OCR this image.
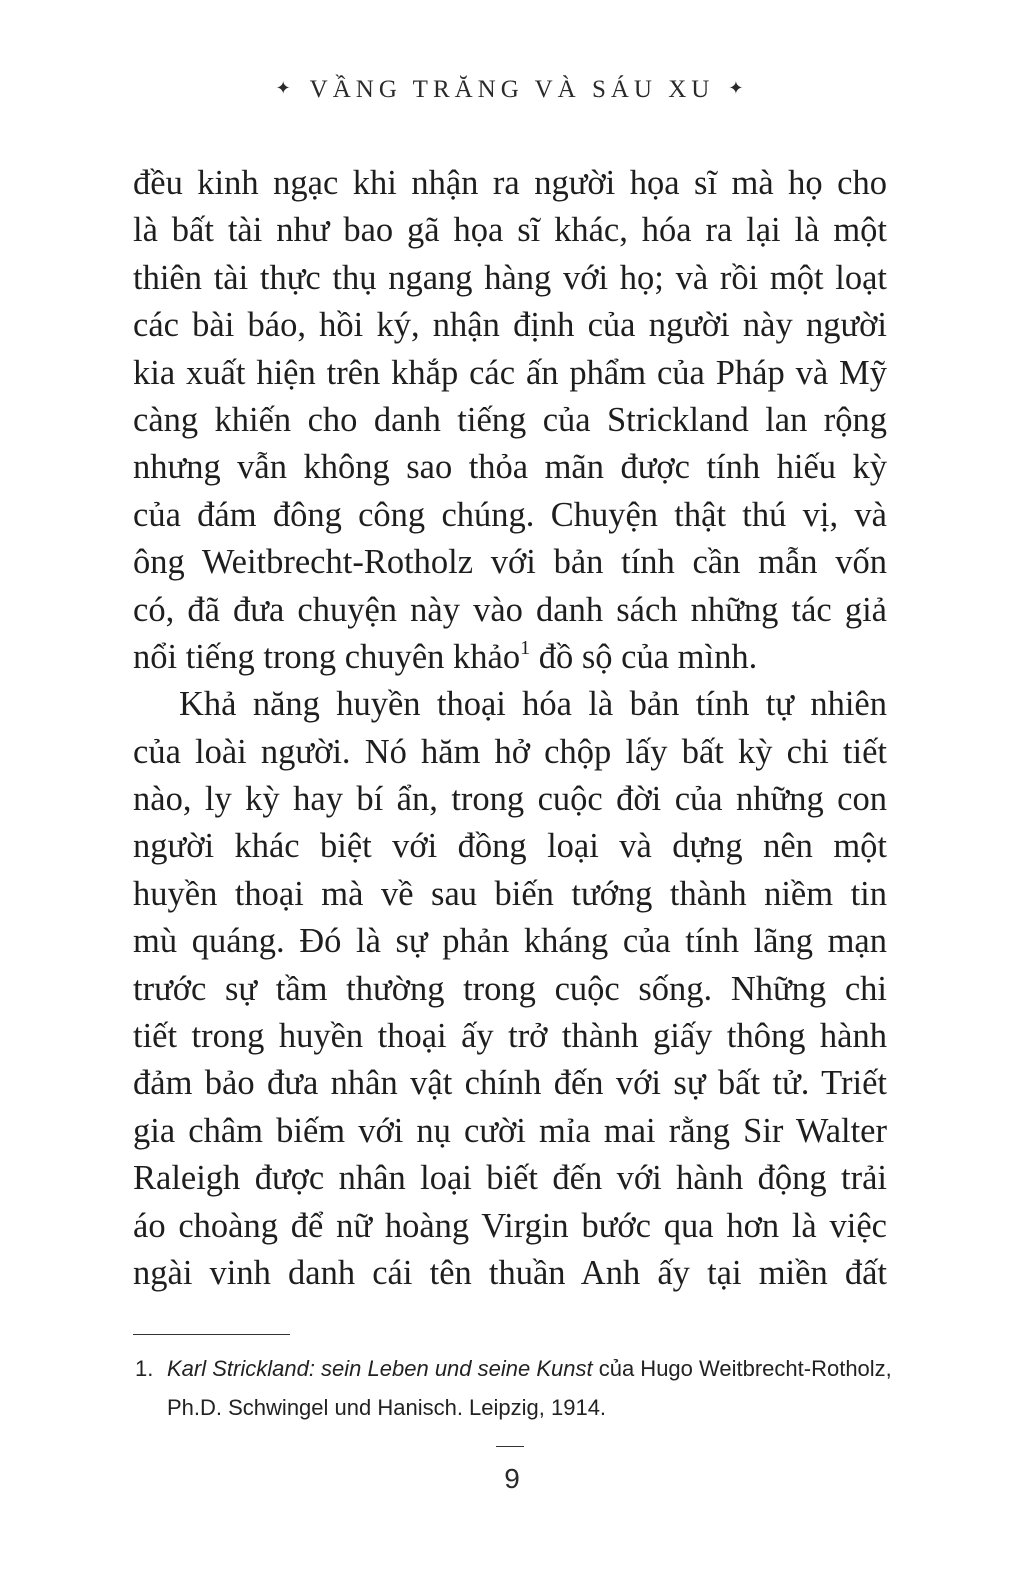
✦ VẦNG TRĂNG VÀ SÁU XU ✦

đều kinh ngạc khi nhận ra người họa sĩ mà họ cho
là bất tài như bao gã họa sĩ khác, hóa ra lại là một
thiên tài thực thụ ngang hàng với họ; và rồi một loạt
các bài báo, hồi ký, nhận định của người này người
kia xuất hiện trên khắp các ấn phẩm của Pháp và Mỹ
càng khiến cho danh tiếng của Strickland lan rộng
nhưng vẫn không sao thỏa mãn được tính hiếu kỳ
của đám đông công chúng. Chuyện thật thú vị, và
ông Weitbrecht-Rotholz với bản tính cần mẫn vốn
có, đã đưa chuyện này vào danh sách những tác giả
nổi tiếng trong chuyên khảo$^1$ đồ sộ của mình.

Khả năng huyền thoại hóa là bản tính tự nhiên
của loài người. Nó hăm hở chộp lấy bất kỳ chi tiết
nào, ly kỳ hay bí ẩn, trong cuộc đời của những con
người khác biệt với đồng loại và dựng nên một
huyền thoại mà về sau biến tướng thành niềm tin
mù quáng. Đó là sự phản kháng của tính lãng mạn
trước sự tầm thường trong cuộc sống. Những chi
tiết trong huyền thoại ấy trở thành giấy thông hành
đảm bảo đưa nhân vật chính đến với sự bất tử. Triết
gia châm biếm với nụ cười mỉa mai rằng Sir Walter
Raleigh được nhân loại biết đến với hành động trải
áo choàng để nữ hoàng Virgin bước qua hơn là việc
ngài vinh danh cái tên thuần Anh ấy tại miền đất

1. Karl Strickland: sein Leben und seine Kunst của Hugo Weitbrecht-Rotholz,
Ph.D. Schwingel und Hanisch. Leipzig, 1914.
9
